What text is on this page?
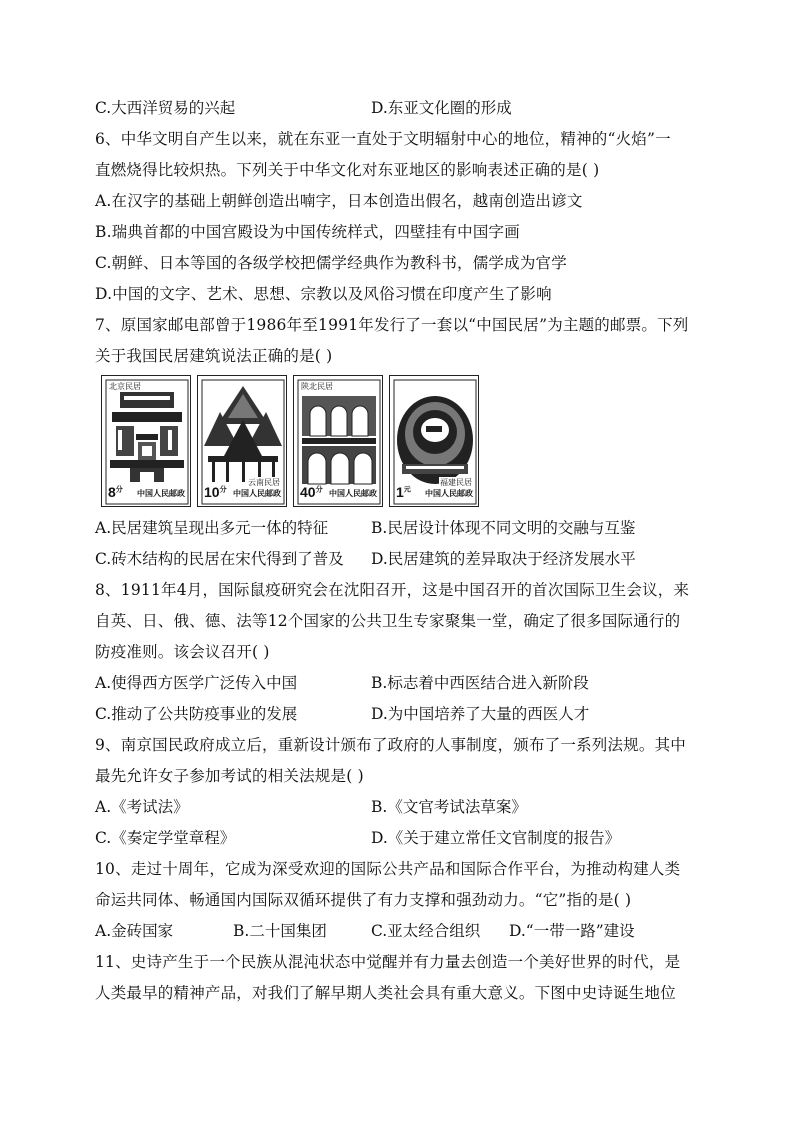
C.大西洋贸易的兴起	D.东亚文化圈的形成
6、中华文明自产生以来，就在东亚一直处于文明辐射中心的地位，精神的“火焰”一
直燃烧得比较炽热。下列关于中华文化对东亚地区的影响表述正确的是( )
A.在汉字的基础上朝鲜创造出喃字，日本创造出假名，越南创造出谚文
B.瑞典首都的中国宫殿设为中国传统样式，四壁挂有中国字画
C.朝鲜、日本等国的各级学校把儒学经典作为教科书，儒学成为官学
D.中国的文字、艺术、思想、宗教以及风俗习惯在印度产生了影响
7、原国家邮电部曾于1986年至1991年发行了一套以“中国民居”为主题的邮票。下列
关于我国民居建筑说法正确的是( )
北京民居
$8^分$ 中国人民邮政
云南民居
$10^分$ 中国人民邮政
陕北民居
$40^分$ 中国人民邮政
福建民居
$1^元$ 中国人民邮政
A.民居建筑呈现出多元一体的特征	B.民居设计体现不同文明的交融与互鉴
C.砖木结构的民居在宋代得到了普及 D.民居建筑的差异取决于经济发展水平
8、1911年4月，国际鼠疫研究会在沈阳召开，这是中国召开的首次国际卫生会议，来
自英、日、俄、德、法等12个国家的公共卫生专家聚集一堂，确定了很多国际通行的
防疫准则。该会议召开( )
A.使得西方医学广泛传入中国	B.标志着中西医结合进入新阶段
C.推动了公共防疫事业的发展	D.为中国培养了大量的西医人才
9、南京国民政府成立后，重新设计颁布了政府的人事制度，颁布了一系列法规。其中
最先允许女子参加考试的相关法规是( )
A.《考试法》	B.《文官考试法草案》
C.《奏定学堂章程》	D.《关于建立常任文官制度的报告》
10、走过十周年，它成为深受欢迎的国际公共产品和国际合作平台，为推动构建人类
命运共同体、畅通国内国际双循环提供了有力支撑和强劲动力。“它”指的是( )
A.金砖国家	B.二十国集团	C.亚太经合组织 D.“一带一路”建设
11、史诗产生于一个民族从混沌状态中觉醒并有力量去创造一个美好世界的时代，是
人类最早的精神产品，对我们了解早期人类社会具有重大意义。下图中史诗诞生地位
